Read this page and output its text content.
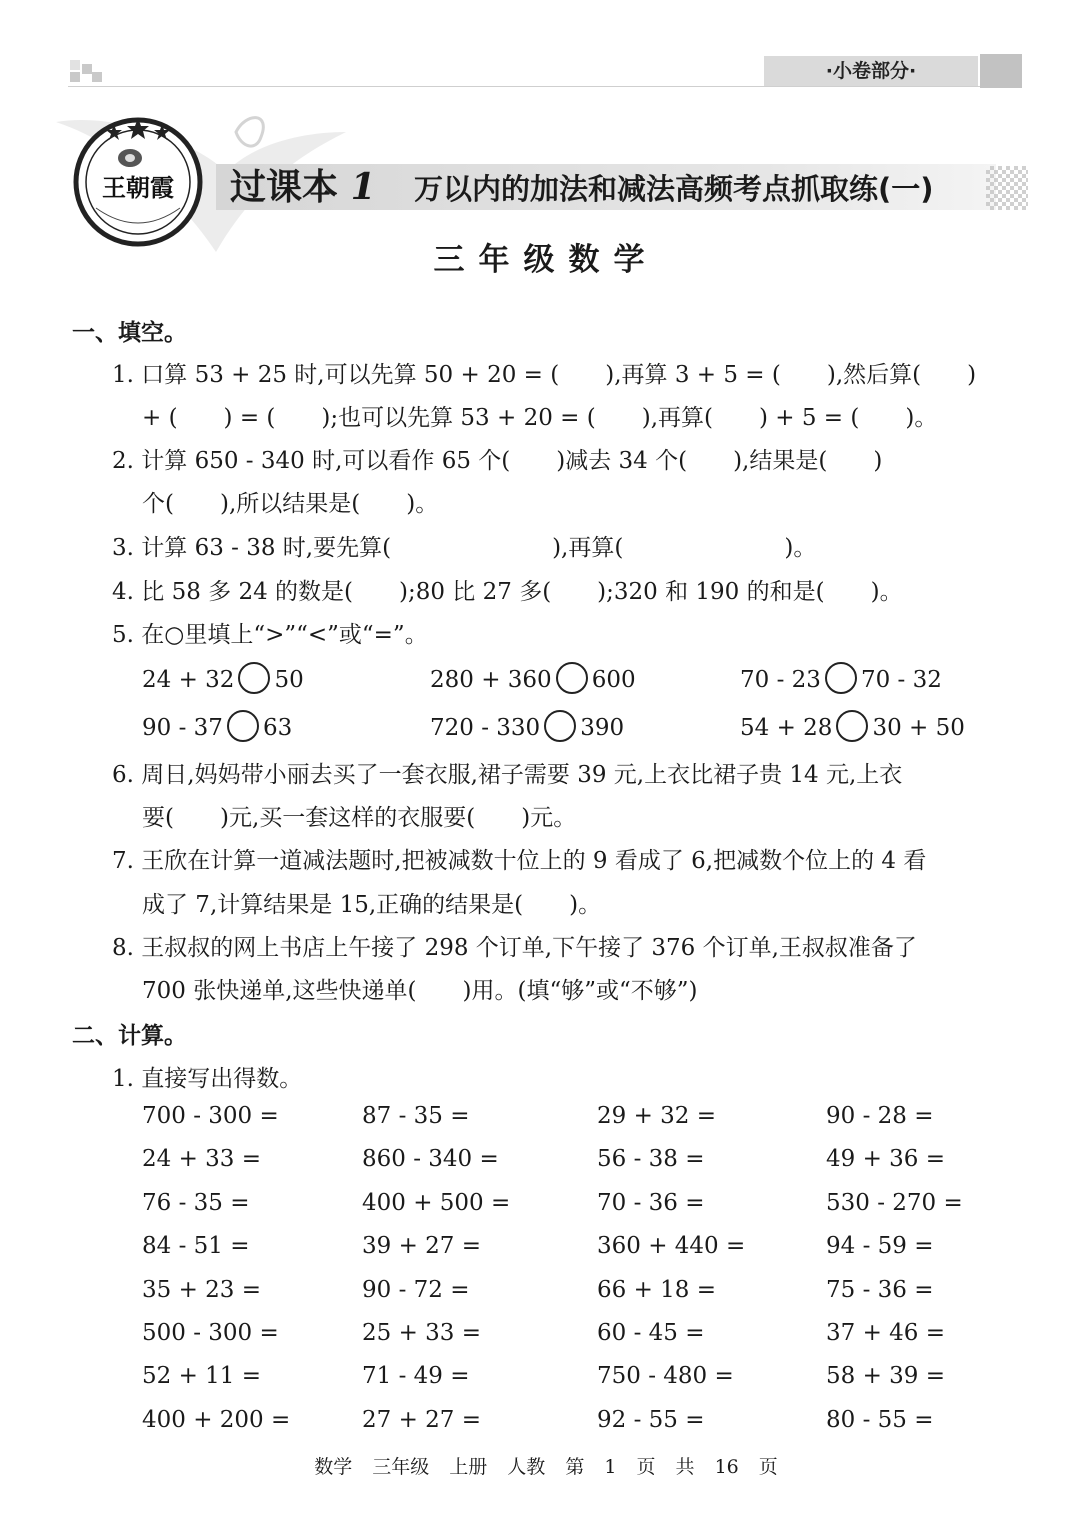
·小卷部分·
王朝霞 过课本 1 万以内的加法和减法高频考点抓取练(一)
三年级数学
一、填空。
1. 口算 53 + 25 时,可以先算 50 + 20 = (　　),再算 3 + 5 = (　　),然后算(　　)
+ (　　) = (　　);也可以先算 53 + 20 = (　　),再算(　　) + 5 = (　　)。
2. 计算 650 - 340 时,可以看作 65 个(　　)减去 34 个(　　),结果是(　　)
个(　　),所以结果是(　　)。
3. 计算 63 - 38 时,要先算(　　　　　　　),再算(　　　　　　　)。
4. 比 58 多 24 的数是(　　);80 比 27 多(　　);320 和 190 的和是(　　)。
5. 在○里填上“>”“<”或“=”。
24 + 32 50	280 + 360 600	70 - 23 70 - 32
90 - 37 63	720 - 330 390	54 + 28 30 + 50
6. 周日,妈妈带小丽去买了一套衣服,裙子需要 39 元,上衣比裙子贵 14 元,上衣
要(　　)元,买一套这样的衣服要(　　)元。
7. 王欣在计算一道减法题时,把被减数十位上的 9 看成了 6,把减数个位上的 4 看
成了 7,计算结果是 15,正确的结果是(　　)。
8. 王叔叔的网上书店上午接了 298 个订单,下午接了 376 个订单,王叔叔准备了
700 张快递单,这些快递单(　　)用。(填“够”或“不够”)
二、计算。
1. 直接写出得数。
700 - 300 =	87 - 35 =	29 + 32 =	90 - 28 =
24 + 33 =	860 - 340 =	56 - 38 =	49 + 36 =
76 - 35 =	400 + 500 =	70 - 36 =	530 - 270 =
84 - 51 =	39 + 27 =	360 + 440 =	94 - 59 =
35 + 23 =	90 - 72 =	66 + 18 =	75 - 36 =
500 - 300 =	25 + 33 =	60 - 45 =	37 + 46 =
52 + 11 =	71 - 49 =	750 - 480 =	58 + 39 =
400 + 200 =	27 + 27 =	92 - 55 =	80 - 55 =
数学 三年级 上册 人教 第 1 页 共 16 页
